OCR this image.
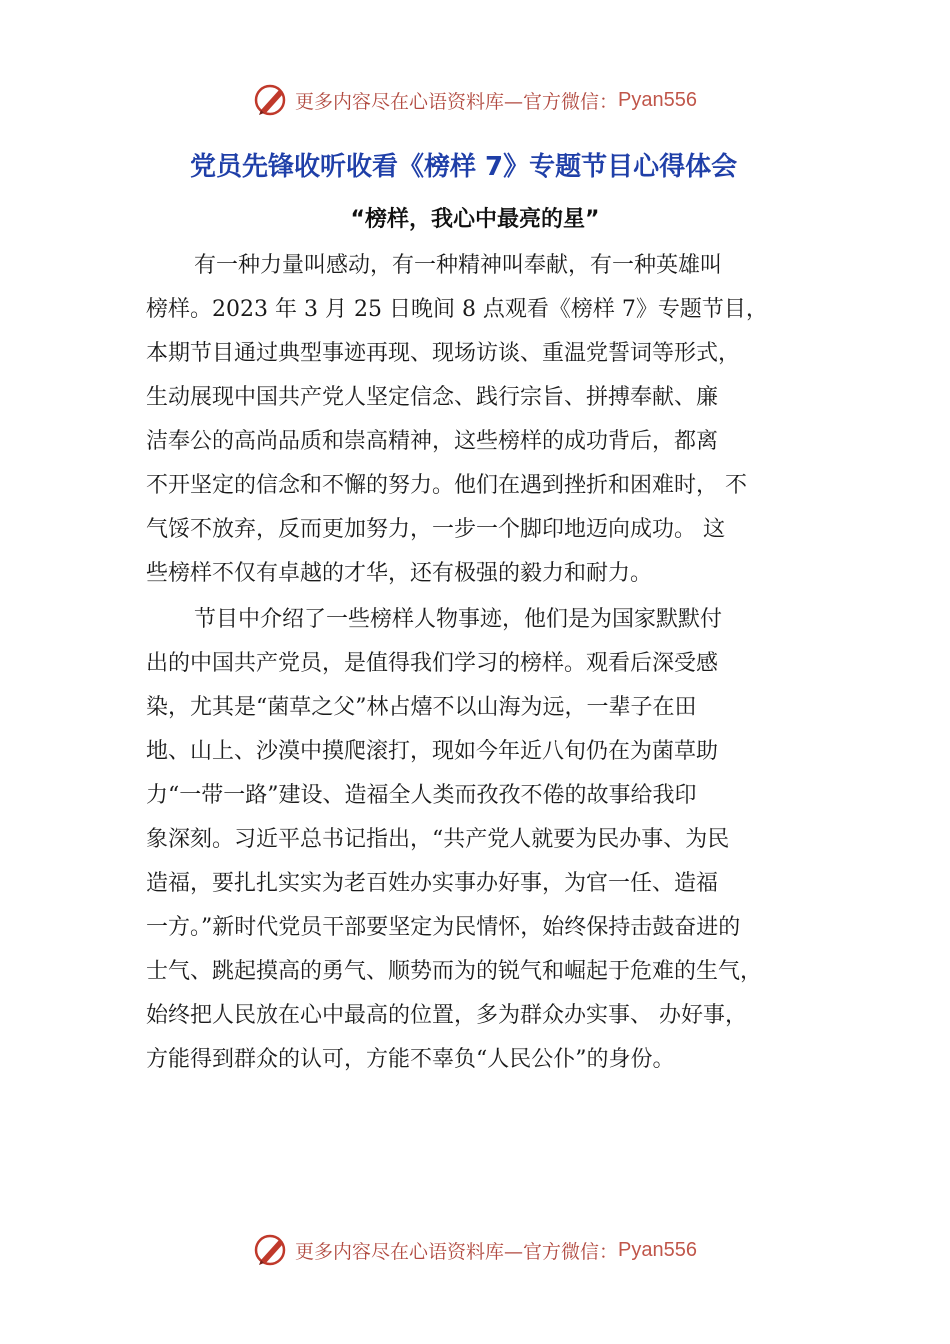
更多内容尽在心语资料库—官方微信： Pyan556
党员先锋收听收看《榜样 7》专题节目心得体会
“榜样，我心中最亮的星”
有一种力量叫感动，有一种精神叫奉献，有一种英雄叫
榜样。2023 年 3 月 25 日晚间 8 点观看《榜样 7》专题节目，
本期节目通过典型事迹再现、现场访谈、重温党誓词等形式，
生动展现中国共产党人坚定信念、践行宗旨、拼搏奉献、廉
洁奉公的高尚品质和崇高精神，这些榜样的成功背后，都离
不开坚定的信念和不懈的努力。他们在遇到挫折和困难时， 不
气馁不放弃，反而更加努力，一步一个脚印地迈向成功。 这
些榜样不仅有卓越的才华，还有极强的毅力和耐力。
节目中介绍了一些榜样人物事迹，他们是为国家默默付
出的中国共产党员，是值得我们学习的榜样。观看后深受感
染，尤其是“菌草之父”林占熺不以山海为远，一辈子在田
地、山上、沙漠中摸爬滚打，现如今年近八旬仍在为菌草助
力“一带一路”建设、造福全人类而孜孜不倦的故事给我印
象深刻。习近平总书记指出，“共产党人就要为民办事、为民
造福，要扎扎实实为老百姓办实事办好事，为官一任、造福
一方。”新时代党员干部要坚定为民情怀，始终保持击鼓奋进的
士气、跳起摸高的勇气、顺势而为的锐气和崛起于危难的生气，
始终把人民放在心中最高的位置，多为群众办实事、 办好事，
方能得到群众的认可，方能不辜负“人民公仆”的身份。
更多内容尽在心语资料库—官方微信： Pyan556
